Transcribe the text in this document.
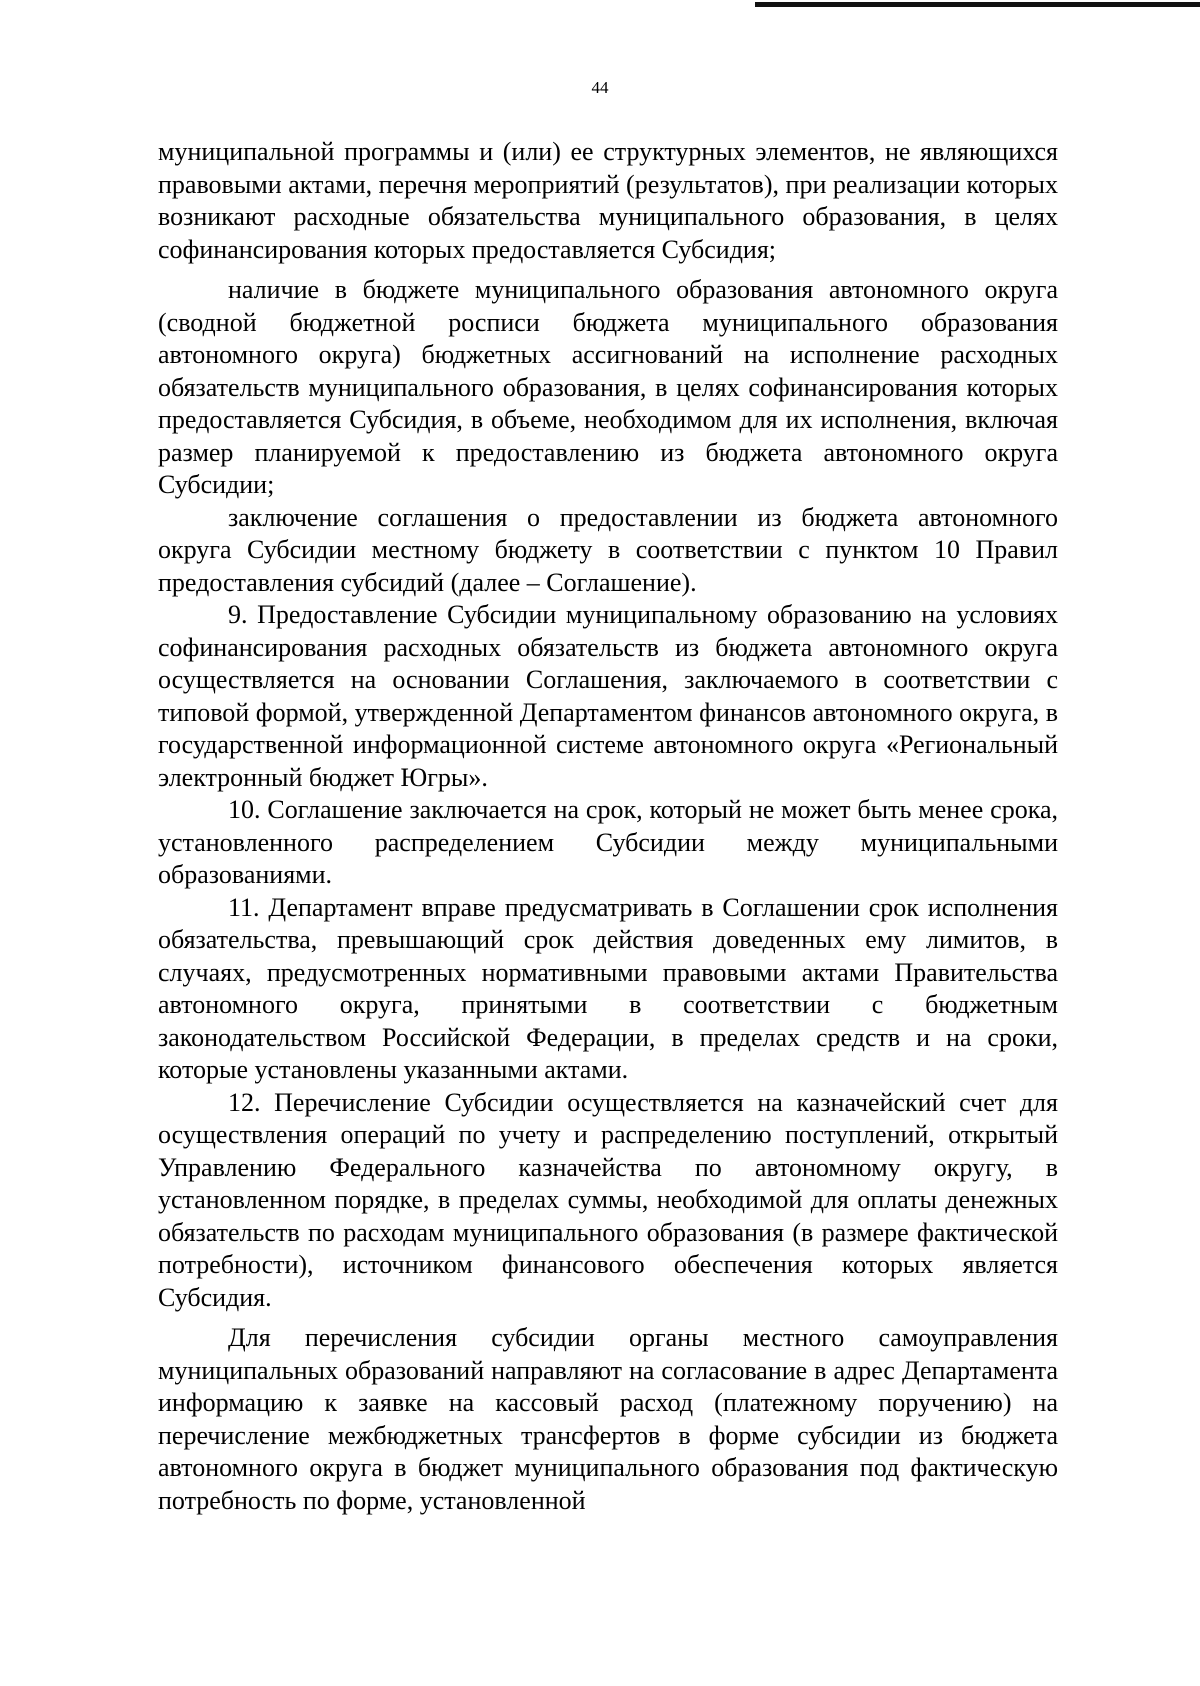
44

муниципальной программы и (или) ее структурных элементов, не являющихся правовыми актами, перечня мероприятий (результатов), при реализации которых возникают расходные обязательства муниципального образования, в целях софинансирования которых предоставляется Субсидия;

наличие в бюджете муниципального образования автономного округа (сводной бюджетной росписи бюджета муниципального образования автономного округа) бюджетных ассигнований на исполнение расходных обязательств муниципального образования, в целях софинансирования которых предоставляется Субсидия, в объеме, необходимом для их исполнения, включая размер планируемой к предоставлению из бюджета автономного округа Субсидии;

заключение соглашения о предоставлении из бюджета автономного округа Субсидии местному бюджету в соответствии с пунктом 10 Правил предоставления субсидий (далее – Соглашение).

9. Предоставление Субсидии муниципальному образованию на условиях софинансирования расходных обязательств из бюджета автономного округа осуществляется на основании Соглашения, заключаемого в соответствии с типовой формой, утвержденной Департаментом финансов автономного округа, в государственной информационной системе автономного округа «Региональный электронный бюджет Югры».

10. Соглашение заключается на срок, который не может быть менее срока, установленного распределением Субсидии между муниципальными образованиями.

11. Департамент вправе предусматривать в Соглашении срок исполнения обязательства, превышающий срок действия доведенных ему лимитов, в случаях, предусмотренных нормативными правовыми актами Правительства автономного округа, принятыми в соответствии с бюджетным законодательством Российской Федерации, в пределах средств и на сроки, которые установлены указанными актами.

12. Перечисление Субсидии осуществляется на казначейский счет для осуществления операций по учету и распределению поступлений, открытый Управлению Федерального казначейства по автономному округу, в установленном порядке, в пределах суммы, необходимой для оплаты денежных обязательств по расходам муниципального образования (в размере фактической потребности), источником финансового обеспечения которых является Субсидия.

Для перечисления субсидии органы местного самоуправления муниципальных образований направляют на согласование в адрес Департамента информацию к заявке на кассовый расход (платежному поручению) на перечисление межбюджетных трансфертов в форме субсидии из бюджета автономного округа в бюджет муниципального образования под фактическую потребность по форме, установленной
